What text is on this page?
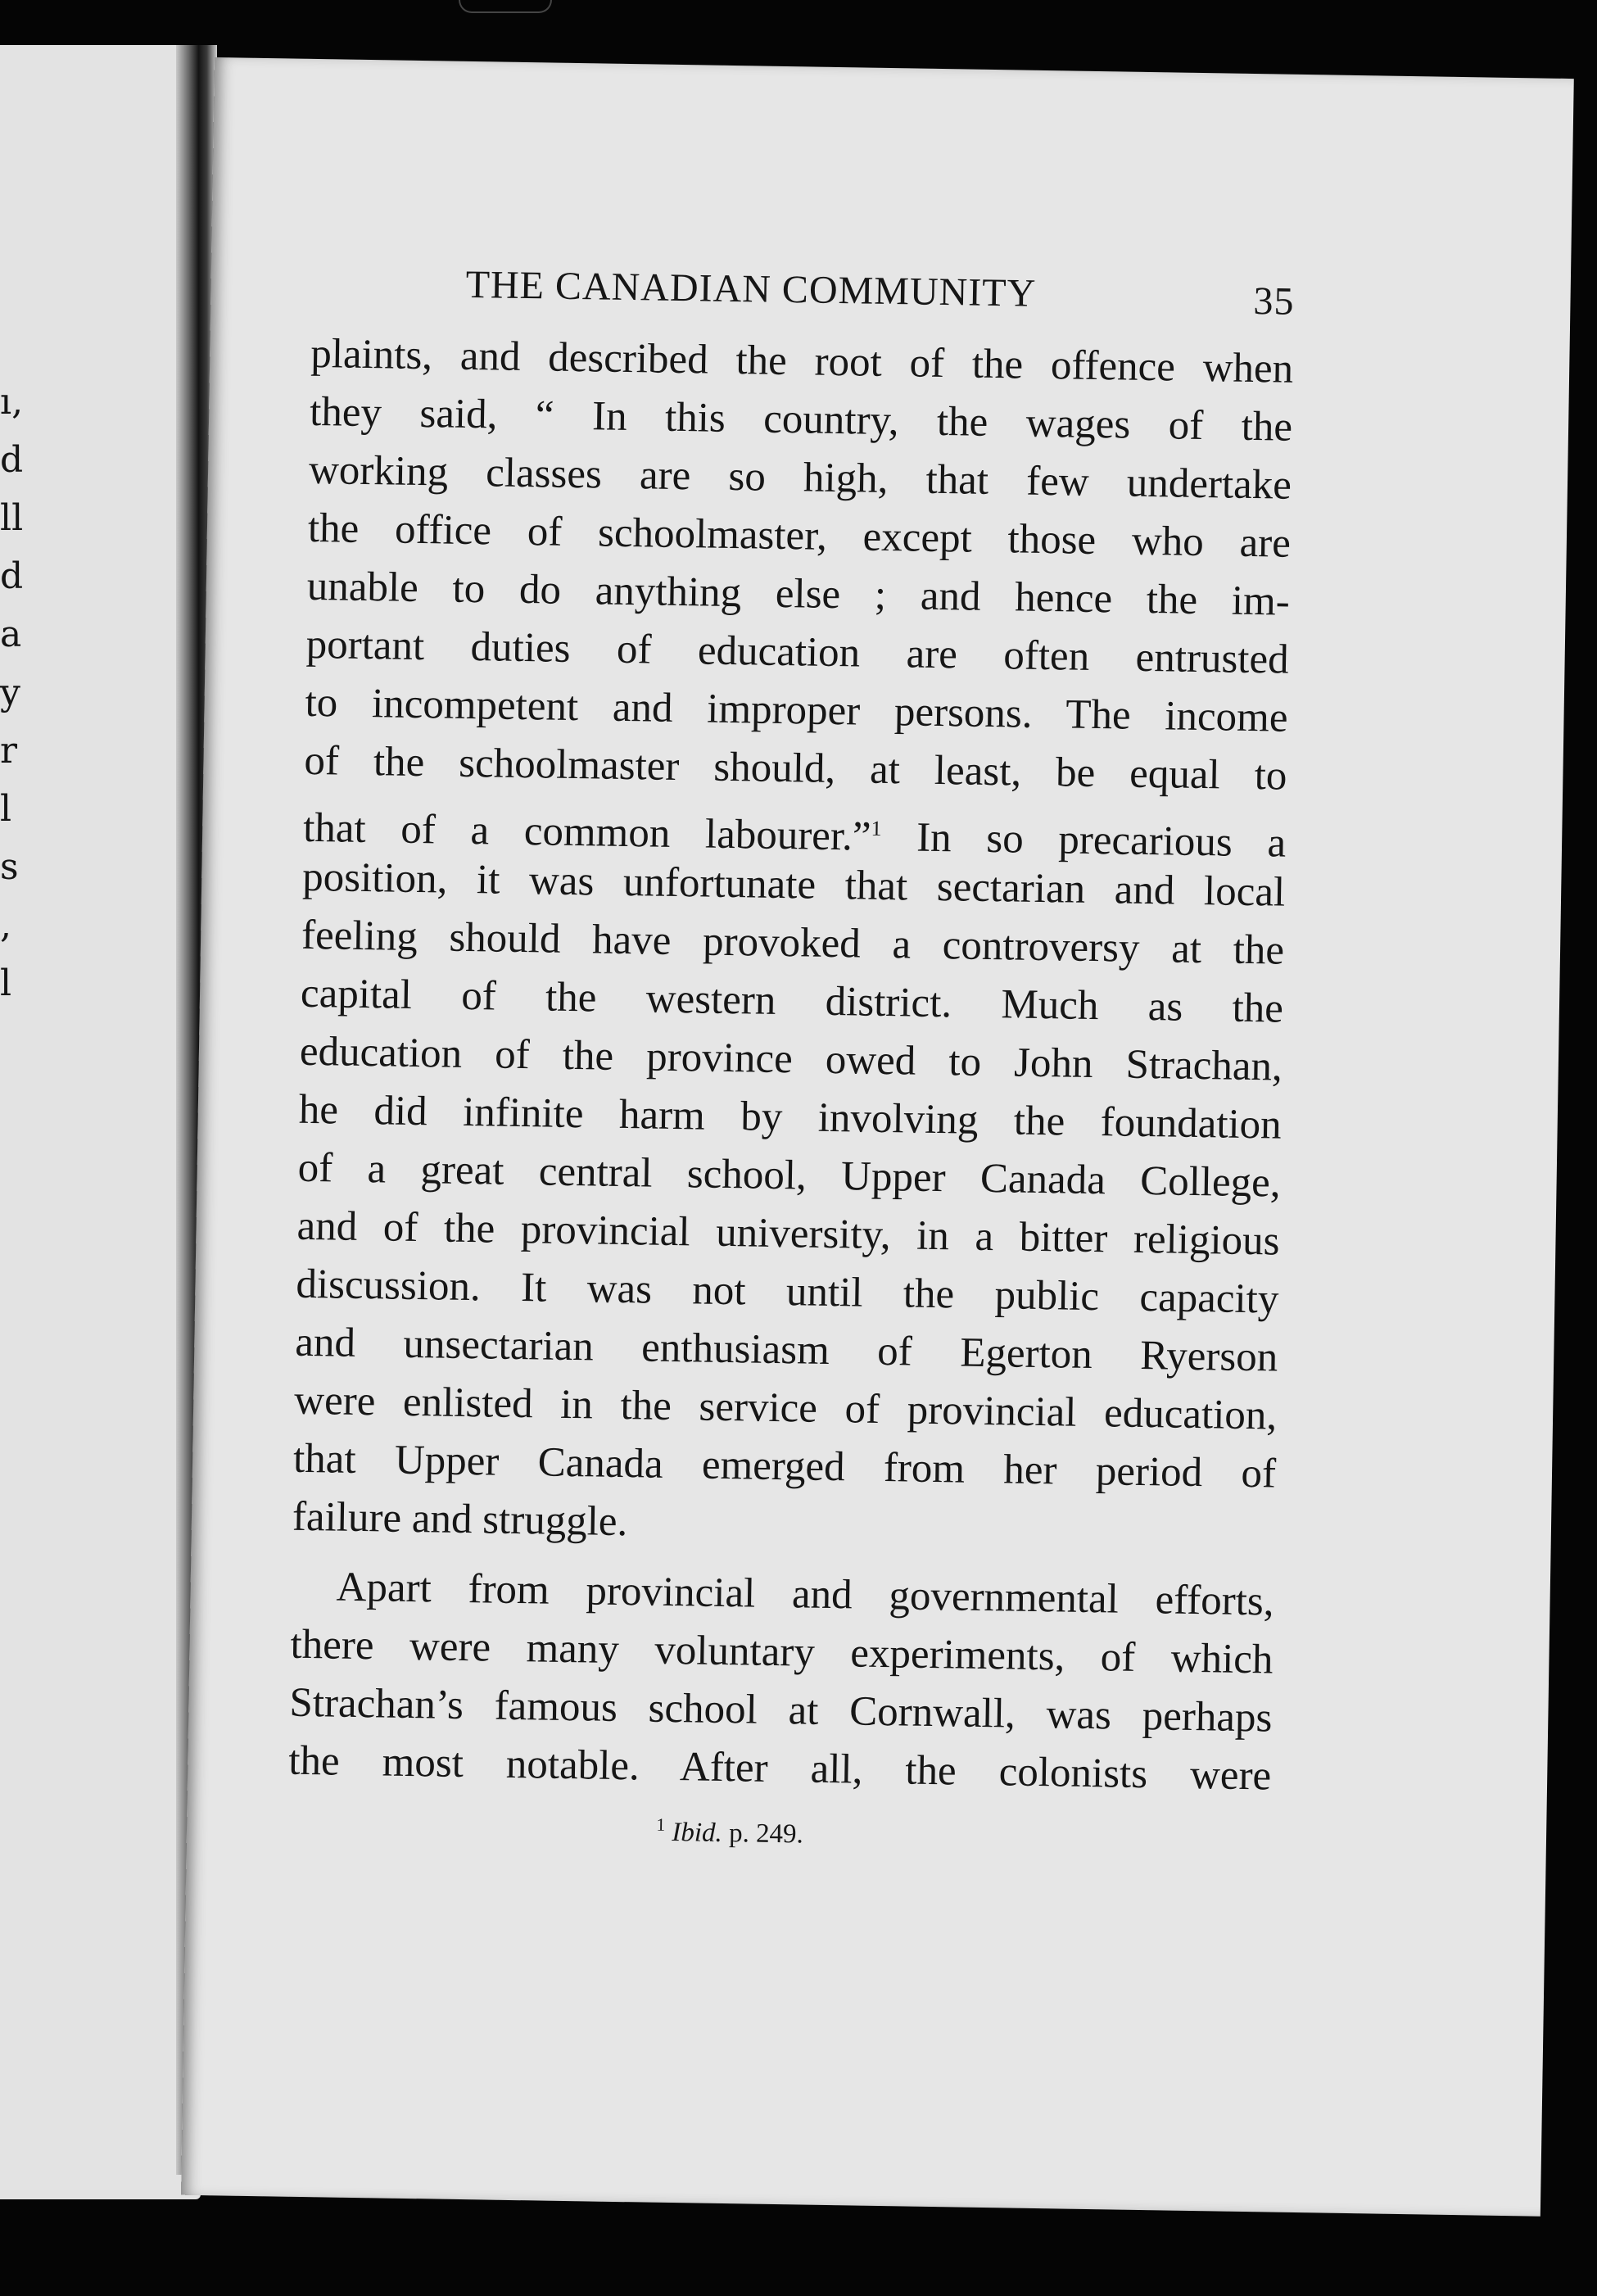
ı,
d
ll
d
a
y
r
l
s
,
l
THE CANADIAN COMMUNITY	35
plaints, and described the root of the offence when
they said, “ In this country, the wages of the
working classes are so high, that few undertake
the office of schoolmaster, except those who are
unable to do anything else ; and hence the im-
portant duties of education are often entrusted
to incompetent and improper persons. The income
of the schoolmaster should, at least, be equal to
that of a common labourer.”$^1$ In so precarious a
position, it was unfortunate that sectarian and local
feeling should have provoked a controversy at the
capital of the western district. Much as the
education of the province owed to John Strachan,
he did infinite harm by involving the foundation
of a great central school, Upper Canada College,
and of the provincial university, in a bitter religious
discussion. It was not until the public capacity
and unsectarian enthusiasm of Egerton Ryerson
were enlisted in the service of provincial education,
that Upper Canada emerged from her period of
failure and struggle.
Apart from provincial and governmental efforts,
there were many voluntary experiments, of which
Strachan’s famous school at Cornwall, was perhaps
the most notable. After all, the colonists were
$^1$ Ibid. p. 249.
